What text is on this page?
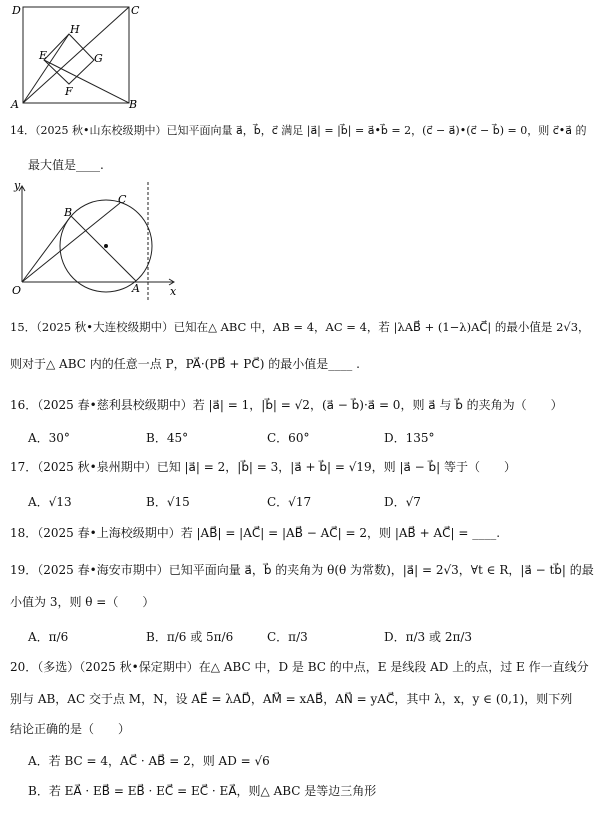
D	C
H
E	G
F
A	B
14．（2025 秋•山东校级期中）已知平面向量 a⃗，b⃗，c⃗ 满足 |a⃗| = |b⃗| = a⃗•b⃗ = 2，(c⃗ − a⃗)•(c⃗ − b⃗) = 0，则 c⃗•a⃗ 的
最大值是____.
y
B
C
O	A	x
15．（2025 秋•大连校级期中）已知在△ ABC 中，AB = 4，AC = 4，若 |λAB⃗ + (1−λ)AC⃗| 的最小值是 2√3，
则对于△ ABC 内的任意一点 P，PA⃗·(PB⃗ + PC⃗) 的最小值是____ .
16．（2025 春•慈利县校级期中）若 |a⃗| = 1，|b⃗| = √2，(a⃗ − b⃗)·a⃗ = 0，则 a⃗ 与 b⃗ 的夹角为（　　）
A．30°	B．45°	C．60°	D．135°
17．（2025 秋•泉州期中）已知 |a⃗| = 2，|b⃗| = 3，|a⃗ + b⃗| = √19，则 |a⃗ − b⃗| 等于（　　）
A．√13	B．√15	C．√17	D．√7
18．（2025 春•上海校级期中）若 |AB⃗| = |AC⃗| = |AB⃗ − AC⃗| = 2，则 |AB⃗ + AC⃗| = ____.
19．（2025 春•海安市期中）已知平面向量 a⃗，b⃗ 的夹角为 θ(θ 为常数)，|a⃗| = 2√3，∀t ∈ R，|a⃗ − tb⃗| 的最
小值为 3，则 θ =（　　）
A．π/6	B．π/6 或 5π/6	C．π/3	D．π/3 或 2π/3
20．（多选）（2025 秋•保定期中）在△ ABC 中，D 是 BC 的中点，E 是线段 AD 上的点，过 E 作一直线分
别与 AB，AC 交于点 M，N，设 AE⃗ = λAD⃗，AM⃗ = xAB⃗，AN⃗ = yAC⃗，其中 λ，x，y ∈ (0,1)，则下列
结论正确的是（　　）
A．若 BC = 4，AC⃗ · AB⃗ = 2，则 AD = √6
B．若 EA⃗ · EB⃗ = EB⃗ · EC⃗ = EC⃗ · EA⃗，则△ ABC 是等边三角形
